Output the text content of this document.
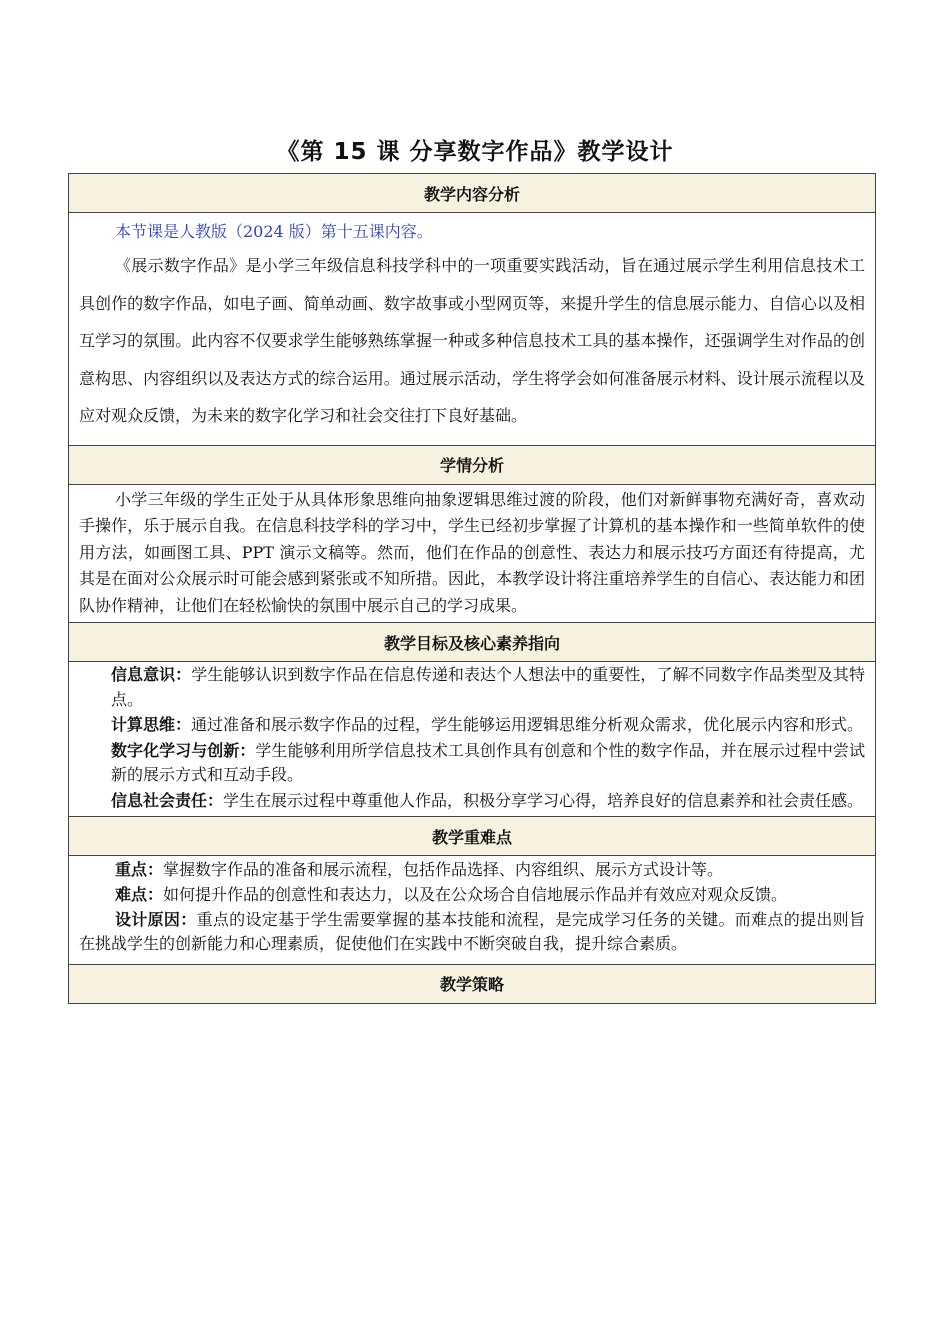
《第 15 课 分享数字作品》教学设计
教学内容分析

本节课是人教版（2024 版）第十五课内容。

《展示数字作品》是小学三年级信息科技学科中的一项重要实践活动，旨在通过展示学生利用信息技术工具创作的数字作品，如电子画、简单动画、数字故事或小型网页等，来提升学生的信息展示能力、自信心以及相互学习的氛围。此内容不仅要求学生能够熟练掌握一种或多种信息技术工具的基本操作，还强调学生对作品的创意构思、内容组织以及表达方式的综合运用。通过展示活动，学生将学会如何准备展示材料、设计展示流程以及应对观众反馈，为未来的数字化学习和社会交往打下良好基础。

学情分析

小学三年级的学生正处于从具体形象思维向抽象逻辑思维过渡的阶段，他们对新鲜事物充满好奇，喜欢动手操作，乐于展示自我。在信息科技学科的学习中，学生已经初步掌握了计算机的基本操作和一些简单软件的使用方法，如画图工具、PPT 演示文稿等。然而，他们在作品的创意性、表达力和展示技巧方面还有待提高，尤其是在面对公众展示时可能会感到紧张或不知所措。因此，本教学设计将注重培养学生的自信心、表达能力和团队协作精神，让他们在轻松愉快的氛围中展示自己的学习成果。

教学目标及核心素养指向

信息意识：学生能够认识到数字作品在信息传递和表达个人想法中的重要性，了解不同数字作品类型及其特点。

计算思维：通过准备和展示数字作品的过程，学生能够运用逻辑思维分析观众需求，优化展示内容和形式。

数字化学习与创新：学生能够利用所学信息技术工具创作具有创意和个性的数字作品，并在展示过程中尝试新的展示方式和互动手段。

信息社会责任：学生在展示过程中尊重他人作品，积极分享学习心得，培养良好的信息素养和社会责任感。

教学重难点

重点：掌握数字作品的准备和展示流程，包括作品选择、内容组织、展示方式设计等。

难点：如何提升作品的创意性和表达力，以及在公众场合自信地展示作品并有效应对观众反馈。

设计原因：重点的设定基于学生需要掌握的基本技能和流程，是完成学习任务的关键。而难点的提出则旨在挑战学生的创新能力和心理素质，促使他们在实践中不断突破自我，提升综合素质。

教学策略
